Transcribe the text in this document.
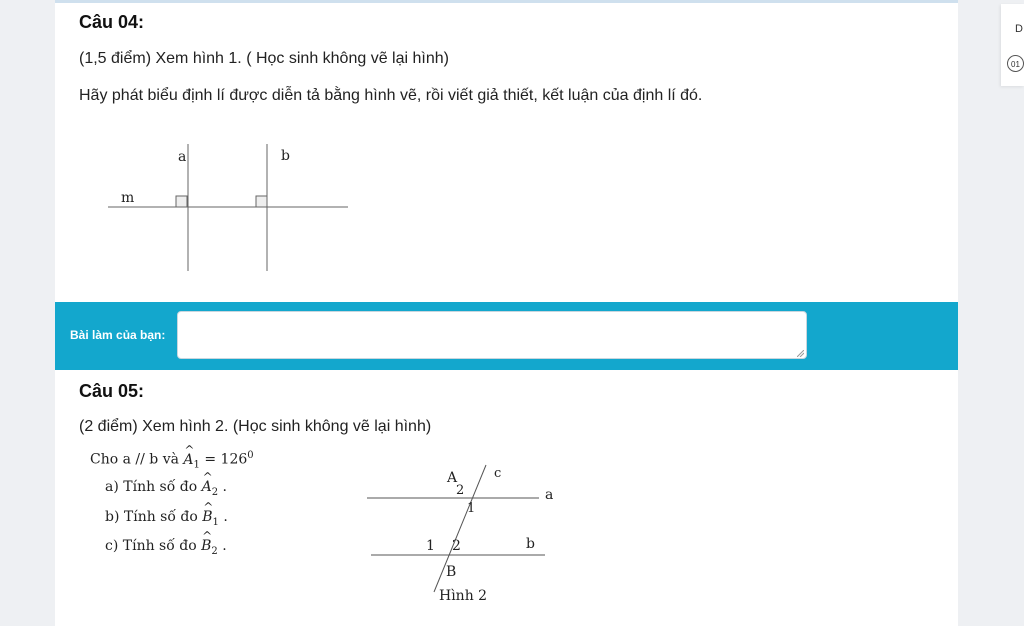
Câu 04:
(1,5 điểm) Xem hình 1. ( Học sinh không vẽ lại hình)
Hãy phát biểu định lí được diễn tả bằng hình vẽ, rồi viết giả thiết, kết luận của định lí đó.
m
a	b
Bài làm của bạn:
Câu 05:
(2 điểm) Xem hình 2. (Học sinh không vẽ lại hình)
Cho a // b và ^ $A_1 = 126^0$
a) Tính số đo ^ $A_2$ .
b) Tính số đo ^ $B_1$ .
c) Tính số đo ^ $B_2$ .
A
2
1
c
a
1 2	b
B
Hình 2
D
01
